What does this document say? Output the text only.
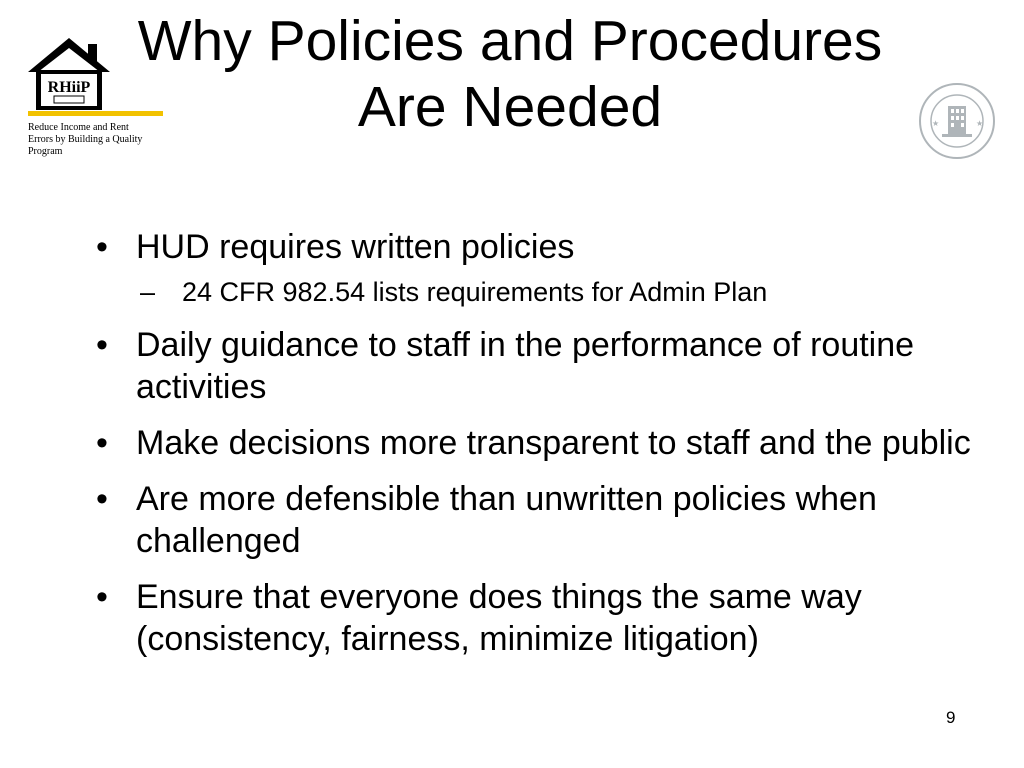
RHiiP
Reduce Income and Rent
Errors by Building a Quality
Program
Why Policies and Procedures
Are Needed	★	★
• HUD requires written policies
– 24 CFR 982.54 lists requirements for Admin Plan
• Daily guidance to staff in the performance of routine activities
• Make decisions more transparent to staff and the public
• Are more defensible than unwritten policies when challenged
• Ensure that everyone does things the same way (consistency, fairness, minimize litigation)
9
